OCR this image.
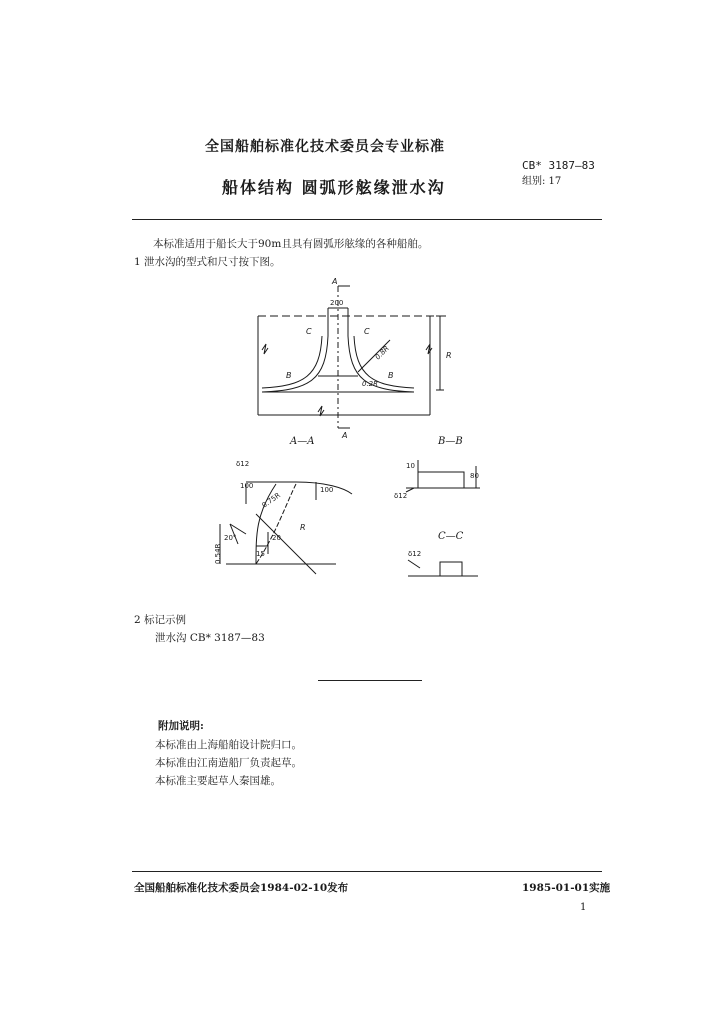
全国船舶标准化技术委员会专业标准
CB* 3187—83
组别: 17
船体结构 圆弧形舷缘泄水沟
本标准适用于船长大于90m且具有圆弧形舷缘的各种船舶。
1 泄水沟的型式和尺寸按下图。
200
A
A
C	C
B	B
0.8R	R
0.2R
A—A	B—B
C—C
δ12
100	100
0.75R
R
20°	20
15
0.54R
10
80
δ12
δ12
2 标记示例
泄水沟 CB* 3187—83
附加说明:
本标准由上海船舶设计院归口。
本标准由江南造船厂负责起草。
本标准主要起草人秦国雄。
全国船舶标准化技术委员会1984-02-10发布	1985-01-01实施
1
